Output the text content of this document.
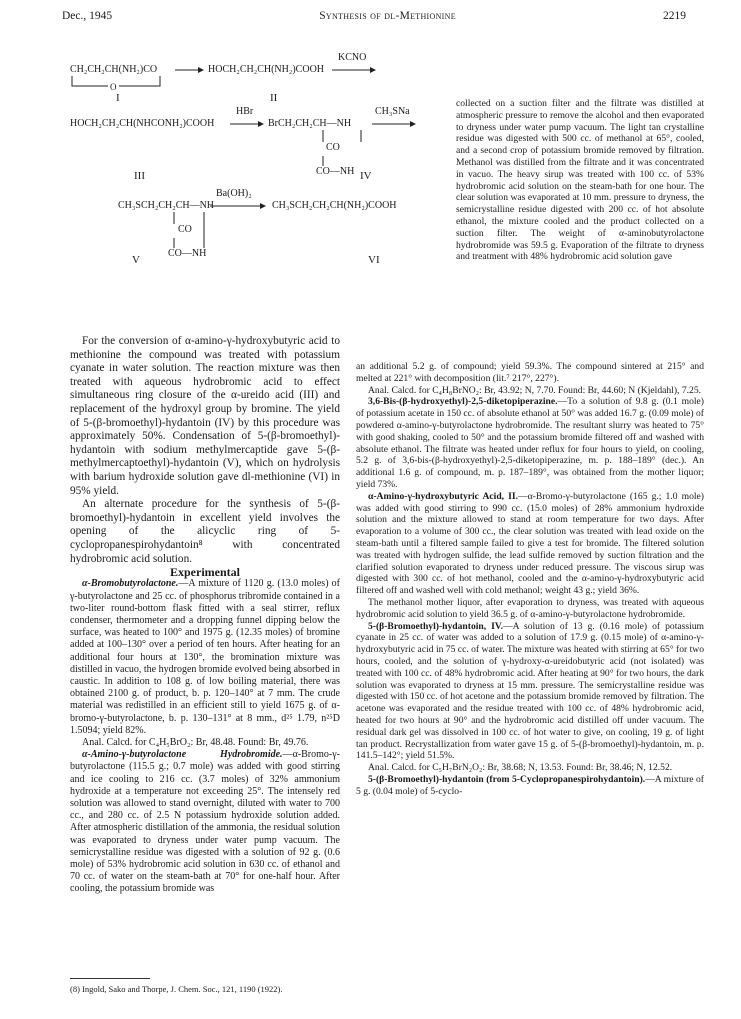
Dec., 1945	Synthesis of dl-Methionine	2219
CH₂CH₂CH(NH₂)CO
O
HOCH₂CH₂CH(NH₂)COOH
KCNO
I	II
HOCH₂CH₂CH(NHCONH₂)COOH
HBr
BrCH₂CH₂CH—NH
CH₃SNa
CO
CO—NH
III	IV
CH₃SCH₂CH₂CH—NH
Ba(OH)₂
CH₃SCH₂CH₂CH(NH₂)COOH
CO
CO—NH
V	VI

For the conversion of α-amino-γ-hydroxybutyric acid to methionine the compound was treated with potassium cyanate in water solution. The reaction mixture was then treated with aqueous hydrobromic acid to effect simultaneous ring closure of the α-ureido acid (III) and replacement of the hydroxyl group by bromine. The yield of 5-(β-bromoethyl)-hydantoin (IV) by this procedure was approximately 50%. Condensation of 5-(β-bromoethyl)-hydantoin with sodium methylmercaptide gave 5-(β-methylmercaptoethyl)-hydantoin (V), which on hydrolysis with barium hydroxide solution gave dl-methionine (VI) in 95% yield.

An alternate procedure for the synthesis of 5-(β-bromoethyl)-hydantoin in excellent yield involves the opening of the alicyclic ring of 5-cyclopropanespirohydantoin⁸ with concentrated hydrobromic acid solution.

Experimental

α-Bromobutyrolactone.—A mixture of 1120 g. (13.0 moles) of γ-butyrolactone and 25 cc. of phosphorus tribromide contained in a two-liter round-bottom flask fitted with a seal stirrer, reflux condenser, thermometer and a dropping funnel dipping below the surface, was heated to 100° and 1975 g. (12.35 moles) of bromine added at 100–130° over a period of ten hours. After heating for an additional four hours at 130°, the bromination mixture was distilled in vacuo, the hydrogen bromide evolved being absorbed in caustic. In addition to 108 g. of low boiling material, there was obtained 2100 g. of product, b. p. 120–140° at 7 mm. The crude material was redistilled in an efficient still to yield 1675 g. of α-bromo-γ-butyrolactone, b. p. 130–131° at 8 mm., d²⁵ 1.79, n²⁵D 1.5094; yield 82%.

Anal. Calcd. for C₄H₅BrO₂: Br, 48.48. Found: Br, 49.76.

α-Amino-γ-butyrolactone Hydrobromide.—α-Bromo-γ-butyrolactone (115.5 g.; 0.7 mole) was added with good stirring and ice cooling to 216 cc. (3.7 moles) of 32% ammonium hydroxide at a temperature not exceeding 25°. The intensely red solution was allowed to stand overnight, diluted with water to 700 cc., and 280 cc. of 2.5 N potassium hydroxide solution added. After atmospheric distillation of the ammonia, the residual solution was evaporated to dryness under water pump vacuum. The semicrystalline residue was digested with a solution of 92 g. (0.6 mole) of 53% hydrobromic acid solution in 630 cc. of ethanol and 70 cc. of water on the steam-bath at 70° for one-half hour. After cooling, the potassium bromide was

collected on a suction filter and the filtrate was distilled at atmospheric pressure to remove the alcohol and then evaporated to dryness under water pump vacuum. The light tan crystalline residue was digested with 500 cc. of methanol at 65°, cooled, and a second crop of potassium bromide removed by filtration. Methanol was distilled from the filtrate and it was concentrated in vacuo. The heavy sirup was treated with 100 cc. of 53% hydrobromic acid solution on the steam-bath for one hour. The clear solution was evaporated at 10 mm. pressure to dryness, the semicrystalline residue digested with 200 cc. of hot absolute ethanol, the mixture cooled and the product collected on a suction filter. The weight of α-aminobutyrolactone hydrobromide was 59.5 g. Evaporation of the filtrate to dryness and treatment with 48% hydrobromic acid solution gave

an additional 5.2 g. of compound; yield 59.3%. The compound sintered at 215° and melted at 221° with decomposition (lit.⁷ 217°, 227°).

Anal. Calcd. for C₄H₈BrNO₂: Br, 43.92; N, 7.70. Found: Br, 44.60; N (Kjeldahl), 7.25.

3,6-Bis-(β-hydroxyethyl)-2,5-diketopiperazine.—To a solution of 9.8 g. (0.1 mole) of potassium acetate in 150 cc. of absolute ethanol at 50° was added 16.7 g. (0.09 mole) of powdered α-amino-γ-butyrolactone hydrobromide. The resultant slurry was heated to 75° with good shaking, cooled to 50° and the potassium bromide filtered off and washed with absolute ethanol. The filtrate was heated under reflux for four hours to yield, on cooling, 5.2 g. of 3,6-bis-(β-hydroxyethyl)-2,5-diketopiperazine, m. p. 188–189° (dec.). An additional 1.6 g. of compound, m. p. 187–189°, was obtained from the mother liquor; yield 73%.

α-Amino-γ-hydroxybutyric Acid, II.—α-Bromo-γ-butyrolactone (165 g.; 1.0 mole) was added with good stirring to 990 cc. (15.0 moles) of 28% ammonium hydroxide solution and the mixture allowed to stand at room temperature for two days. After evaporation to a volume of 300 cc., the clear solution was treated with lead oxide on the steam-bath until a filtered sample failed to give a test for bromide. The filtered solution was treated with hydrogen sulfide, the lead sulfide removed by suction filtration and the clarified solution evaporated to dryness under reduced pressure. The viscous sirup was digested with 300 cc. of hot methanol, cooled and the α-amino-γ-hydroxybutyric acid filtered off and washed well with cold methanol; weight 43 g.; yield 36%.

The methanol mother liquor, after evaporation to dryness, was treated with aqueous hydrobromic acid solution to yield 36.5 g. of α-amino-γ-butyrolactone hydrobromide.

5-(β-Bromoethyl)-hydantoin, IV.—A solution of 13 g. (0.16 mole) of potassium cyanate in 25 cc. of water was added to a solution of 17.9 g. (0.15 mole) of α-amino-γ-hydroxybutyric acid in 75 cc. of water. The mixture was heated with stirring at 65° for two hours, cooled, and the solution of γ-hydroxy-α-ureidobutyric acid (not isolated) was treated with 100 cc. of 48% hydrobromic acid. After heating at 90° for two hours, the dark solution was evaporated to dryness at 15 mm. pressure. The semicrystalline residue was digested with 150 cc. of hot acetone and the potassium bromide removed by filtration. The acetone was evaporated and the residue treated with 100 cc. of 48% hydrobromic acid, heated for two hours at 90° and the hydrobromic acid distilled off under vacuum. The residual dark gel was dissolved in 100 cc. of hot water to give, on cooling, 19 g. of light tan product. Recrystallization from water gave 15 g. of 5-(β-bromoethyl)-hydantoin, m. p. 141.5–142°; yield 51.5%.

Anal. Calcd. for C₅H₇BrN₂O₂: Br, 38.68; N, 13.53. Found: Br, 38.46; N, 12.52.

5-(β-Bromoethyl)-hydantoin (from 5-Cyclopropanespirohydantoin).—A mixture of 5 g. (0.04 mole) of 5-cyclo-

(8) Ingold, Sako and Thorpe, J. Chem. Soc., 121, 1190 (1922).
